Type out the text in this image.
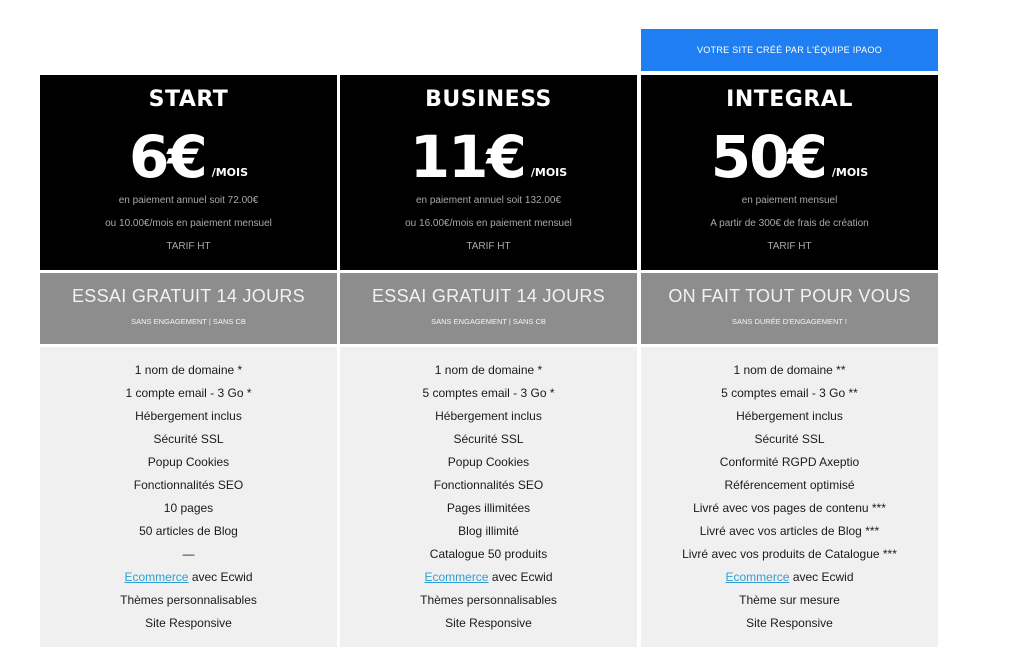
VOTRE SITE CRÉÉ PAR L'ÉQUIPE IPAOO
START
6€ /MOIS
en paiement annuel soit 72.00€
ou 10.00€/mois en paiement mensuel
TARIF HT
ESSAI GRATUIT 14 JOURS
SANS ENGAGEMENT | SANS CB
1 nom de domaine *
1 compte email - 3 Go *
Hébergement inclus
Sécurité SSL
Popup Cookies
Fonctionnalités SEO
10 pages
50 articles de Blog
—
Ecommerce avec Ecwid
Thèmes personnalisables
Site Responsive
BUSINESS
11€ /MOIS
en paiement annuel soit 132.00€
ou 16.00€/mois en paiement mensuel
TARIF HT
ESSAI GRATUIT 14 JOURS
SANS ENGAGEMENT | SANS CB
1 nom de domaine *
5 comptes email - 3 Go *
Hébergement inclus
Sécurité SSL
Popup Cookies
Fonctionnalités SEO
Pages illimitées
Blog illimité
Catalogue 50 produits
Ecommerce avec Ecwid
Thèmes personnalisables
Site Responsive
INTEGRAL
50€ /MOIS
en paiement mensuel
A partir de 300€ de frais de création
TARIF HT
ON FAIT TOUT POUR VOUS
SANS DURÉE D'ENGAGEMENT !
1 nom de domaine **
5 comptes email - 3 Go **
Hébergement inclus
Sécurité SSL
Conformité RGPD Axeptio
Référencement optimisé
Livré avec vos pages de contenu ***
Livré avec vos articles de Blog ***
Livré avec vos produits de Catalogue ***
Ecommerce avec Ecwid
Thème sur mesure
Site Responsive
